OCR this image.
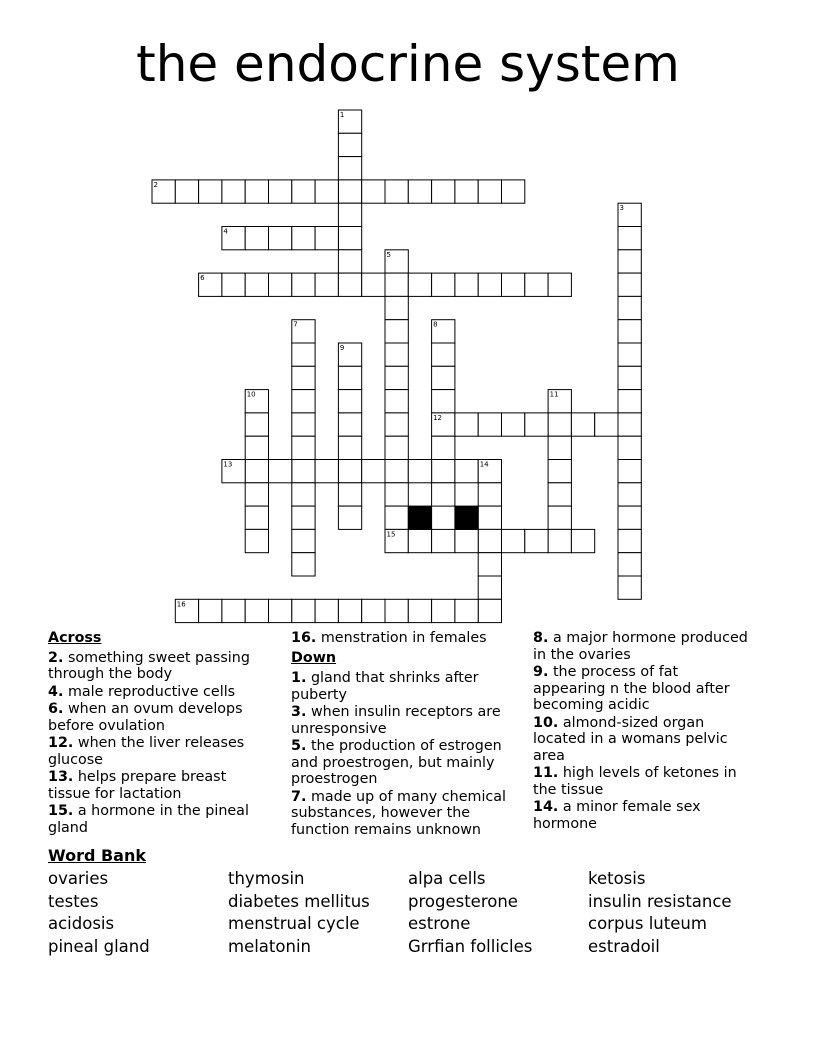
the endocrine system
1
2
3
4
5
6
7	8
9
10	11
12
13	14
15
16
Across
2. something sweet passing through the body
4. male reproductive cells
6. when an ovum develops before ovulation
12. when the liver releases glucose
13. helps prepare breast tissue for lactation
15. a hormone in the pineal gland
16. menstration in females
Down
1. gland that shrinks after puberty
3. when insulin receptors are unresponsive
5. the production of estrogen and proestrogen, but mainly proestrogen
7. made up of many chemical substances, however the function remains unknown
8. a major hormone produced in the ovaries
9. the process of fat appearing n the blood after becoming acidic
10. almond-sized organ located in a womans pelvic area
11. high levels of ketones in the tissue
14. a minor female sex hormone
Word Bank
ovaries	thymosin	alpa cells	ketosis
testes	diabetes mellitus	progesterone	insulin resistance
acidosis	menstrual cycle	estrone	corpus luteum
pineal gland	melatonin	Grrfian follicles	estradoil
